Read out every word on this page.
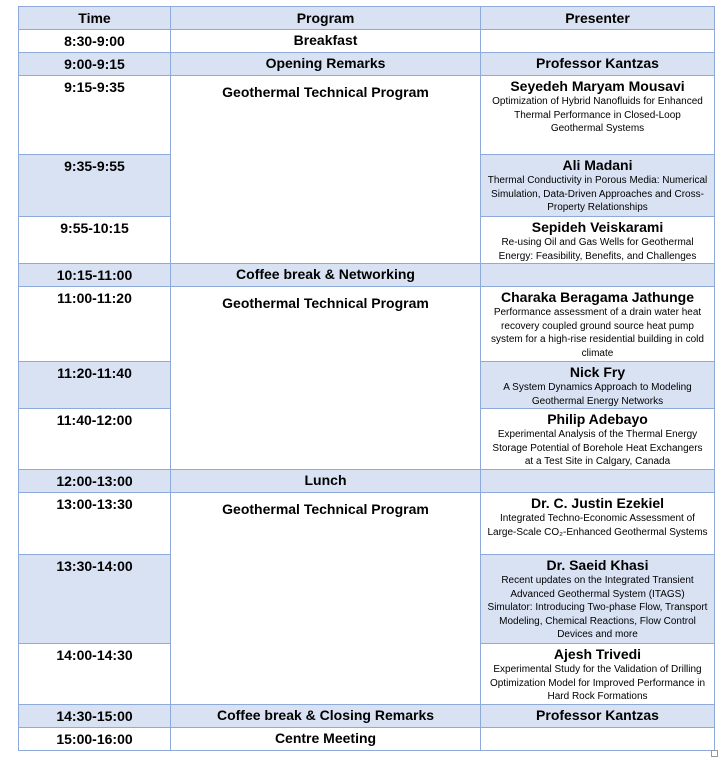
Time	Program	Presenter
8:30-9:00	Breakfast	
9:00-9:15	Opening Remarks	Professor Kantzas
9:15-9:35	Geothermal Technical Program	Seyedeh Maryam Mousavi
Optimization of Hybrid Nanofluids for Enhanced Thermal Performance in Closed-Loop Geothermal Systems

9:35-9:55		Ali Madani
Thermal Conductivity in Porous Media: Numerical Simulation, Data-Driven Approaches and Cross-Property Relationships

9:55-10:15		Sepideh Veiskarami
Re-using Oil and Gas Wells for Geothermal Energy: Feasibility, Benefits, and Challenges

10:15-11:00	Coffee break & Networking	
11:00-11:20	Geothermal Technical Program	Charaka Beragama Jathunge
Performance assessment of a drain water heat recovery coupled ground source heat pump system for a high-rise residential building in cold climate

11:20-11:40		Nick Fry
A System Dynamics Approach to Modeling Geothermal Energy Networks

11:40-12:00		Philip Adebayo
Experimental Analysis of the Thermal Energy Storage Potential of Borehole Heat Exchangers at a Test Site in Calgary, Canada

12:00-13:00	Lunch	
13:00-13:30	Geothermal Technical Program	Dr. C. Justin Ezekiel
Integrated Techno-Economic Assessment of Large-Scale CO₂-Enhanced Geothermal Systems

13:30-14:00		Dr. Saeid Khasi
Recent updates on the Integrated Transient Advanced Geothermal System (ITAGS) Simulator: Introducing Two-phase Flow, Transport Modeling, Chemical Reactions, Flow Control Devices and more

14:00-14:30		Ajesh Trivedi
Experimental Study for the Validation of Drilling Optimization Model for Improved Performance in Hard Rock Formations

14:30-15:00	Coffee break & Closing Remarks	Professor Kantzas
15:00-16:00	Centre Meeting	
